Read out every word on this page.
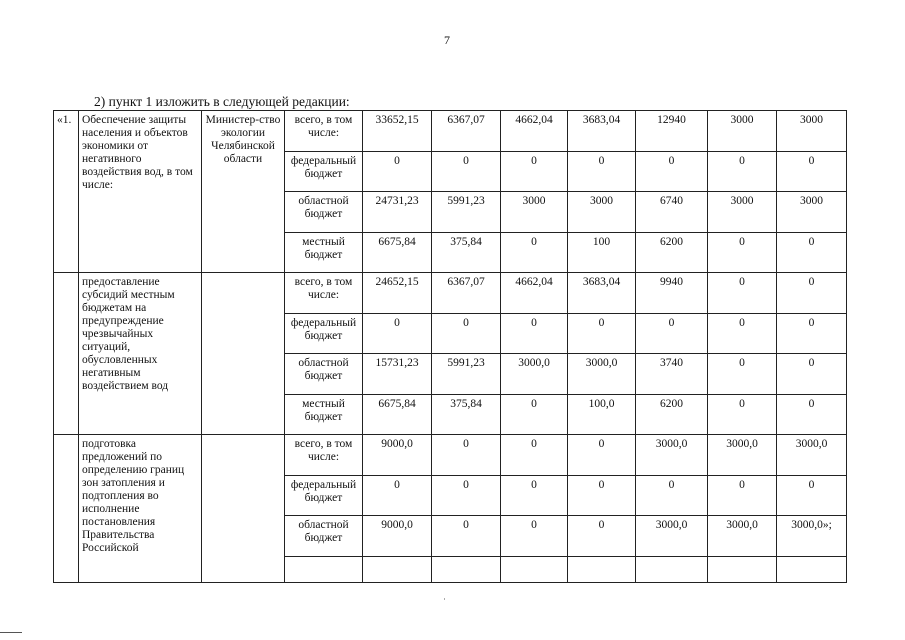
7
2) пункт 1 изложить в следующей редакции:
«1.	Обеспечение защиты населения и объектов экономики от негативного воздействия вод, в том числе:	Министер-ство экологии Челябинской области	всего, в том числе:	33652,15	6367,07	4662,04	3683,04	12940	3000	3000
			федеральный бюджет	0	0	0	0	0	0	0
			областной бюджет	24731,23	5991,23	3000	3000	6740	3000	3000
			местный бюджет	6675,84	375,84	0	100	6200	0	0
	предоставление субсидий местным бюджетам на предупреждение чрезвычайных ситуаций, обусловленных негативным воздействием вод		всего, в том числе:	24652,15	6367,07	4662,04	3683,04	9940	0	0
			федеральный бюджет	0	0	0	0	0	0	0
			областной бюджет	15731,23	5991,23	3000,0	3000,0	3740	0	0
			местный бюджет	6675,84	375,84	0	100,0	6200	0	0
	подготовка предложений по определению границ зон затопления и подтопления во исполнение постановления Правительства Российской		всего, в том числе:	9000,0	0	0	0	3000,0	3000,0	3000,0
			федеральный бюджет	0	0	0	0	0	0	0
			областной бюджет	9000,0	0	0	0	3000,0	3000,0	3000,0»;
